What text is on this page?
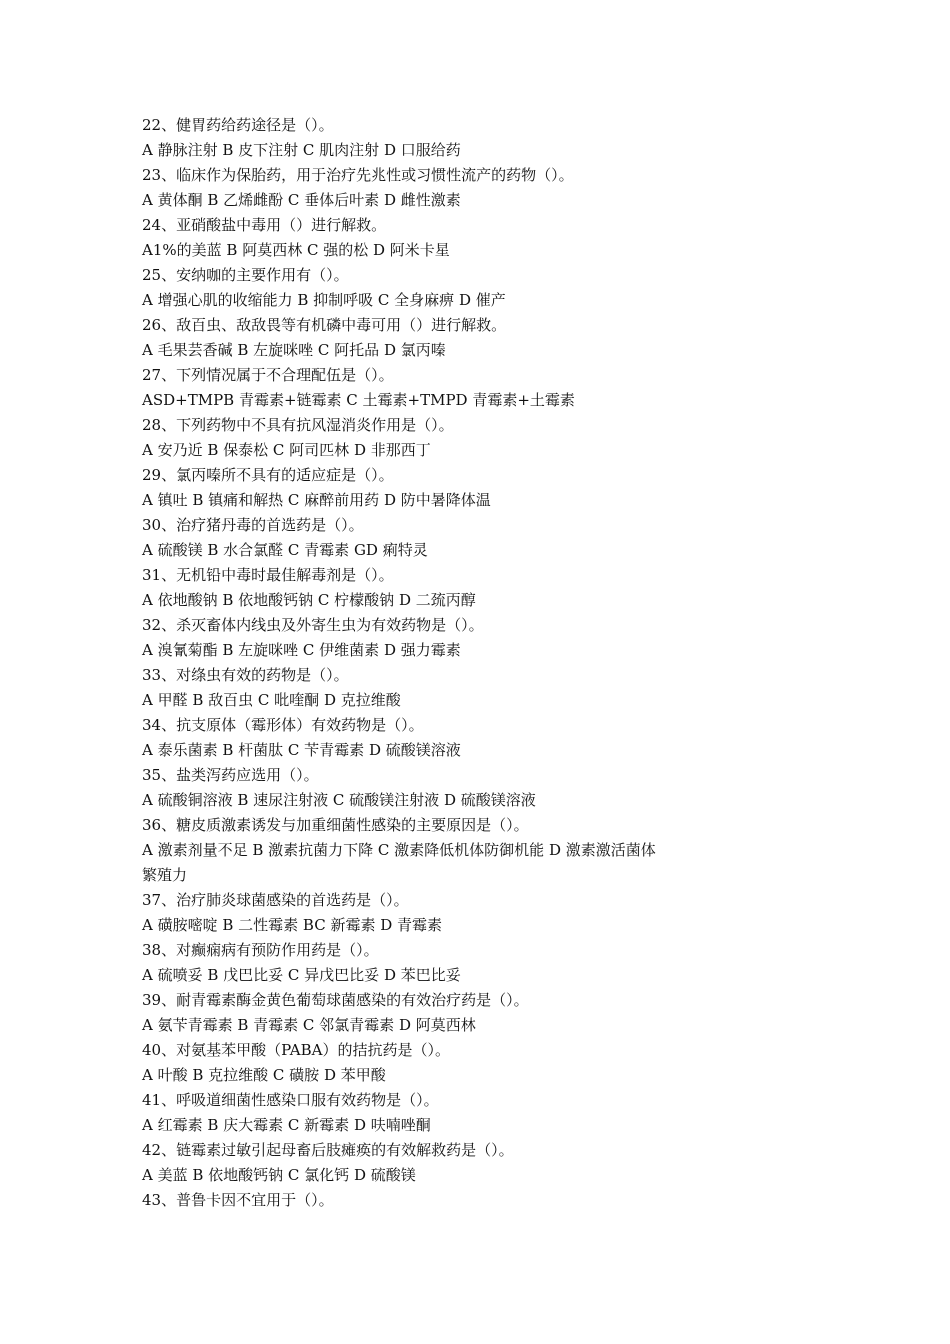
22、健胃药给药途径是（）。
A 静脉注射 B 皮下注射 C 肌肉注射 D 口服给药
23、临床作为保胎药，用于治疗先兆性或习惯性流产的药物（）。
A 黄体酮 B 乙烯雌酚 C 垂体后叶素 D 雌性激素
24、亚硝酸盐中毒用（）进行解救。
A1%的美蓝 B 阿莫西林 C 强的松 D 阿米卡星
25、安纳咖的主要作用有（）。
A 增强心肌的收缩能力 B 抑制呼吸 C 全身麻痹 D 催产
26、敌百虫、敌敌畏等有机磷中毒可用（）进行解救。
A 毛果芸香碱 B 左旋咪唑 C 阿托品 D 氯丙嗪
27、下列情况属于不合理配伍是（）。
ASD+TMPB 青霉素+链霉素 C 土霉素+TMPD 青霉素+土霉素
28、下列药物中不具有抗风湿消炎作用是（）。
A 安乃近 B 保泰松 C 阿司匹林 D 非那西丁
29、氯丙嗪所不具有的适应症是（）。
A 镇吐 B 镇痛和解热 C 麻醉前用药 D 防中暑降体温
30、治疗猪丹毒的首选药是（）。
A 硫酸镁 B 水合氯醛 C 青霉素 GD 痢特灵
31、无机铅中毒时最佳解毒剂是（）。
A 依地酸钠 B 依地酸钙钠 C 柠檬酸钠 D 二巯丙醇
32、杀灭畜体内线虫及外寄生虫为有效药物是（）。
A 溴氰菊酯 B 左旋咪唑 C 伊维菌素 D 强力霉素
33、对绦虫有效的药物是（）。
A 甲醛 B 敌百虫 C 吡喹酮 D 克拉维酸
34、抗支原体（霉形体）有效药物是（）。
A 泰乐菌素 B 杆菌肽 C 苄青霉素 D 硫酸镁溶液
35、盐类泻药应选用（）。
A 硫酸铜溶液 B 速尿注射液 C 硫酸镁注射液 D 硫酸镁溶液
36、糖皮质激素诱发与加重细菌性感染的主要原因是（）。
A 激素剂量不足 B 激素抗菌力下降 C 激素降低机体防御机能 D 激素激活菌体繁殖力
37、治疗肺炎球菌感染的首选药是（）。
A 磺胺嘧啶 B 二性霉素 BC 新霉素 D 青霉素
38、对癫痫病有预防作用药是（）。
A 硫喷妥 B 戊巴比妥 C 异戊巴比妥 D 苯巴比妥
39、耐青霉素酶金黄色葡萄球菌感染的有效治疗药是（）。
A 氨苄青霉素 B 青霉素 C 邻氯青霉素 D 阿莫西林
40、对氨基苯甲酸（PABA）的拮抗药是（）。
A 叶酸 B 克拉维酸 C 磺胺 D 苯甲酸
41、呼吸道细菌性感染口服有效药物是（）。
A 红霉素 B 庆大霉素 C 新霉素 D 呋喃唑酮
42、链霉素过敏引起母畜后肢瘫痪的有效解救药是（）。
A 美蓝 B 依地酸钙钠 C 氯化钙 D 硫酸镁
43、普鲁卡因不宜用于（）。
